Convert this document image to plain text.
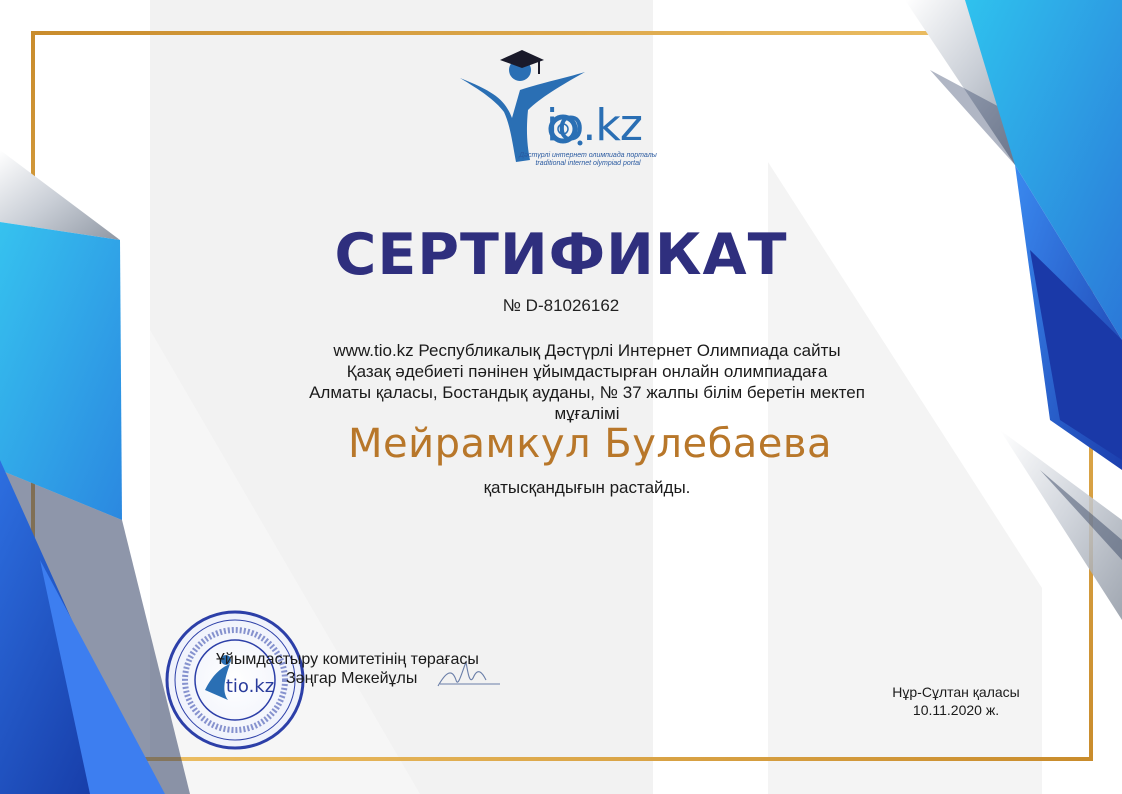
tio.kz
io.kz
Дәстүрлі интернет олимпиада порталы
traditional internet olympiad portal
СЕРТИФИКАТ
№ D-81026162
www.tio.kz Республикалық Дәстүрлі Интернет Олимпиада сайты
Қазақ әдебиеті пәнінен ұйымдастырған онлайн олимпиадаға
Алматы қаласы, Бостандық ауданы, № 37 жалпы білім беретін мектеп
мұғалімі
Мейрамкул Булебаева
қатысқандығын растайды.
Ұйымдастыру комитетінің төрағасы
Зәңгар Мекейұлы
Нұр-Сұлтан қаласы
10.11.2020 ж.
